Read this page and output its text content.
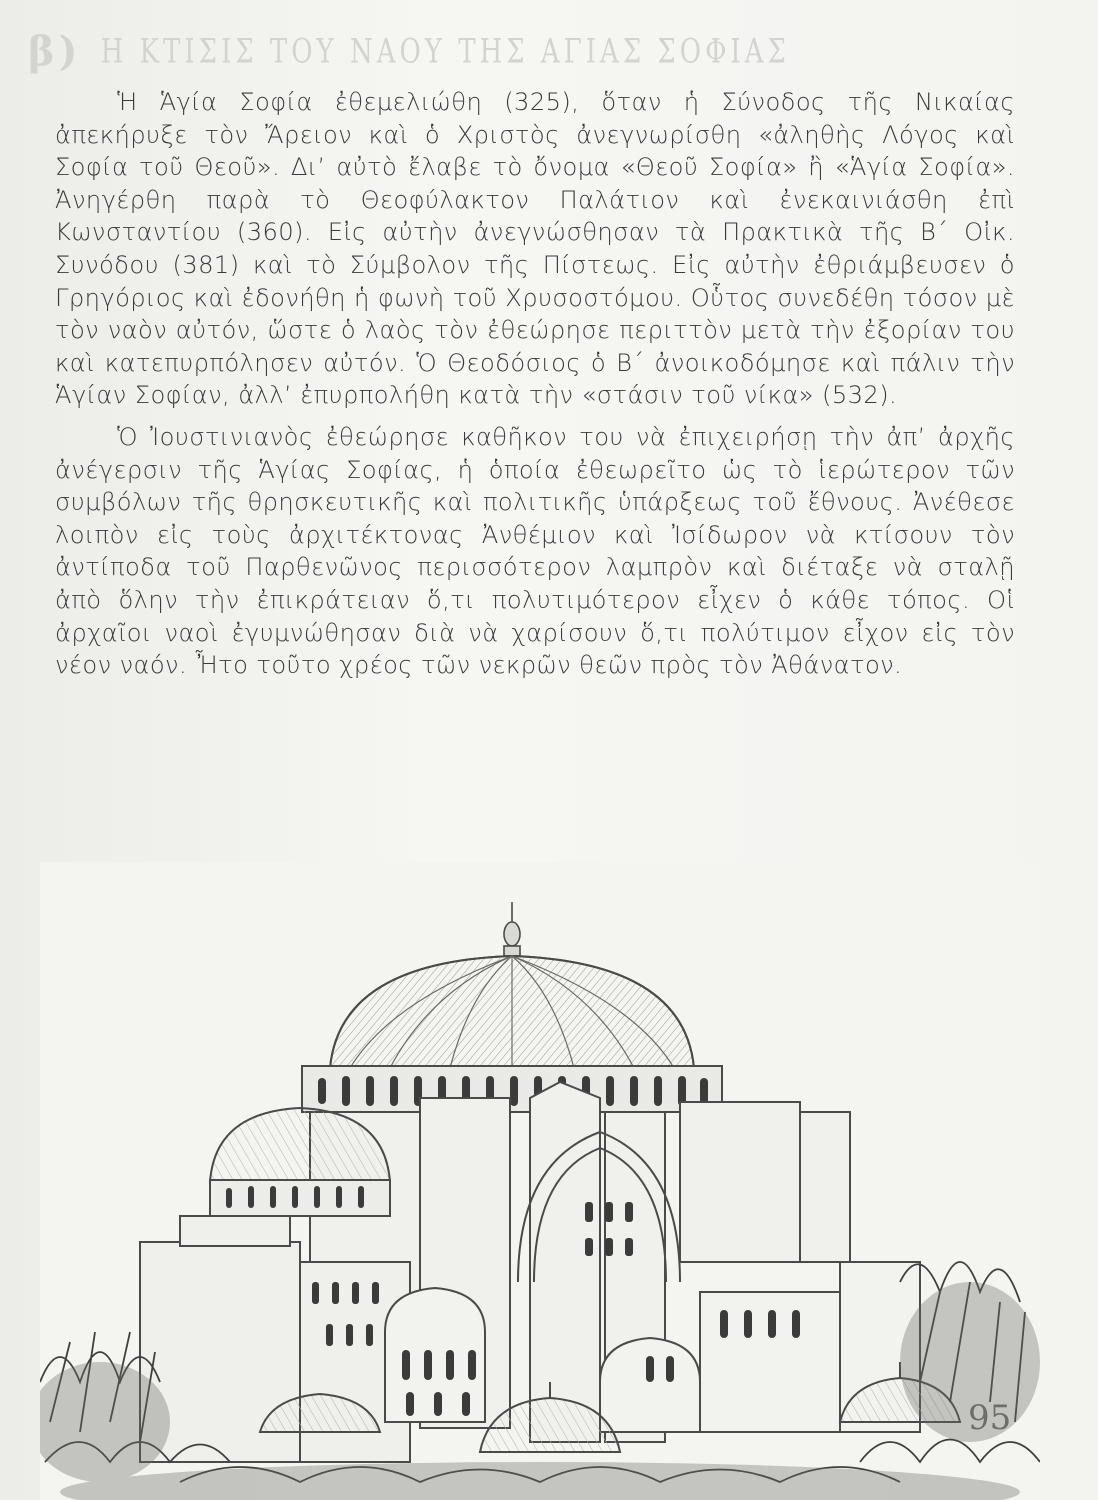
β) Η ΚΤΙΣΙΣ ΤΟΥ ΝΑΟΥ ΤΗΣ ΑΓΙΑΣ ΣΟΦΙΑΣ

Ἡ Ἁγία Σοφία ἐθεμελιώθη (325), ὅταν ἡ Σύνοδος τῆς Νικαίας ἀπεκήρυξε τὸν Ἄρειον καὶ ὁ Χριστὸς ἀνεγνωρίσθη «ἀληθὴς Λόγος καὶ Σοφία τοῦ Θεοῦ». Δι’ αὐτὸ ἔλαβε τὸ ὄνομα «Θεοῦ Σοφία» ἢ «Ἁγία Σοφία». Ἀνηγέρθη παρὰ τὸ Θεοφύλακτον Παλάτιον καὶ ἐνεκαινιάσθη ἐπὶ Κωνσταντίου (360). Εἰς αὐτὴν ἀνεγνώσθησαν τὰ Πρακτικὰ τῆς Β΄ Οἰκ. Συνόδου (381) καὶ τὸ Σύμβολον τῆς Πίστεως. Εἰς αὐτὴν ἐθριάμβευσεν ὁ Γρηγόριος καὶ ἐδονήθη ἡ φωνὴ τοῦ Χρυσοστόμου. Οὗτος συνεδέθη τόσον μὲ τὸν ναὸν αὐτόν, ὥστε ὁ λαὸς τὸν ἐθεώρησε περιττὸν μετὰ τὴν ἐξορίαν του καὶ κατεπυρπόλησεν αὐτόν. Ὁ Θεοδόσιος ὁ Β΄ ἀνοικοδόμησε καὶ πάλιν τὴν Ἁγίαν Σοφίαν, ἀλλ’ ἐπυρπολήθη κατὰ τὴν «στάσιν τοῦ νίκα» (532).

Ὁ Ἰουστινιανὸς ἐθεώρησε καθῆκον του νὰ ἐπιχειρήσῃ τὴν ἀπ’ ἀρχῆς ἀνέγερσιν τῆς Ἁγίας Σοφίας, ἡ ὁποία ἐθεωρεῖτο ὡς τὸ ἱερώτερον τῶν συμβόλων τῆς θρησκευτικῆς καὶ πολιτικῆς ὑπάρξεως τοῦ ἔθνους. Ἀνέθεσε λοιπὸν εἰς τοὺς ἀρχιτέκτονας Ἀνθέμιον καὶ Ἰσίδωρον νὰ κτίσουν τὸν ἀντίποδα τοῦ Παρθενῶνος περισσότερον λαμπρὸν καὶ διέταξε νὰ σταλῇ ἀπὸ ὅλην τὴν ἐπικράτειαν ὅ,τι πολυτιμότερον εἶχεν ὁ κάθε τόπος. Οἱ ἀρχαῖοι ναοὶ ἐγυμνώθησαν διὰ νὰ χαρίσουν ὅ,τι πολύτιμον εἶχον εἰς τὸν νέον ναόν. Ἦτο τοῦτο χρέος τῶν νεκρῶν θεῶν πρὸς τὸν Ἀθάνατον.

95
